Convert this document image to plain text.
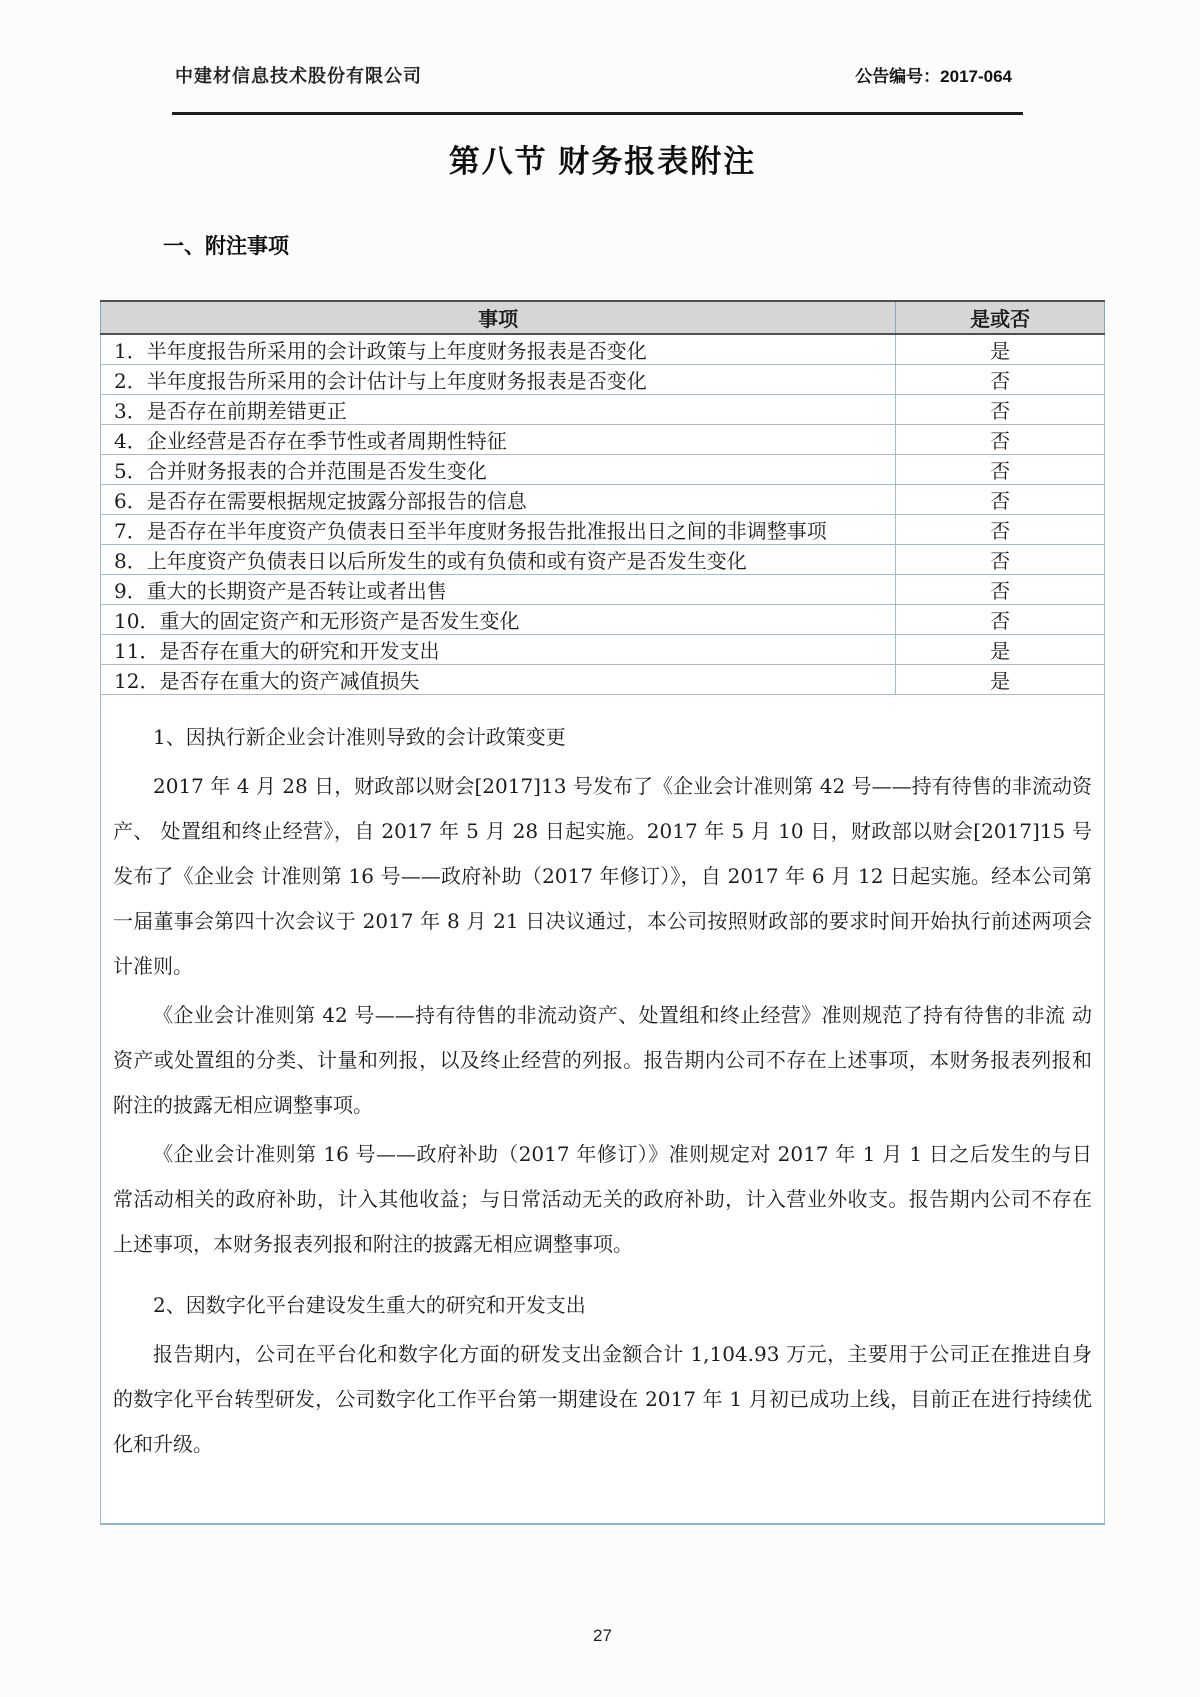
中建材信息技术股份有限公司	公告编号：2017-064
第八节 财务报表附注
一、附注事项
事项	是或否
1．半年度报告所采用的会计政策与上年度财务报表是否变化	是
2．半年度报告所采用的会计估计与上年度财务报表是否变化	否
3．是否存在前期差错更正	否
4．企业经营是否存在季节性或者周期性特征	否
5．合并财务报表的合并范围是否发生变化	否
6．是否存在需要根据规定披露分部报告的信息	否
7．是否存在半年度资产负债表日至半年度财务报告批准报出日之间的非调整事项	否
8．上年度资产负债表日以后所发生的或有负债和或有资产是否发生变化	否
9．重大的长期资产是否转让或者出售	否
10．重大的固定资产和无形资产是否发生变化	否
11．是否存在重大的研究和开发支出	是
12．是否存在重大的资产减值损失	是

1、因执行新企业会计准则导致的会计政策变更

2017 年 4 月 28 日，财政部以财会[2017]13 号发布了《企业会计准则第 42 号——持有待售的非流动资产、 处置组和终止经营》，自 2017 年 5 月 28 日起实施。2017 年 5 月 10 日，财政部以财会[2017]15 号发布了《企业会 计准则第 16 号——政府补助（2017 年修订）》，自 2017 年 6 月 12 日起实施。经本公司第一届董事会第四十次会议于 2017 年 8 月 21 日决议通过，本公司按照财政部的要求时间开始执行前述两项会计准则。

《企业会计准则第 42 号——持有待售的非流动资产、处置组和终止经营》准则规范了持有待售的非流 动资产或处置组的分类、计量和列报，以及终止经营的列报。报告期内公司不存在上述事项，本财务报表列报和附注的披露无相应调整事项。

《企业会计准则第 16 号——政府补助（2017 年修订）》准则规定对 2017 年 1 月 1 日之后发生的与日常活动相关的政府补助，计入其他收益；与日常活动无关的政府补助，计入营业外收支。报告期内公司不存在上述事项，本财务报表列报和附注的披露无相应调整事项。

2、因数字化平台建设发生重大的研究和开发支出

报告期内，公司在平台化和数字化方面的研发支出金额合计 1,104.93 万元，主要用于公司正在推进自身的数字化平台转型研发，公司数字化工作平台第一期建设在 2017 年 1 月初已成功上线，目前正在进行持续优化和升级。

27
